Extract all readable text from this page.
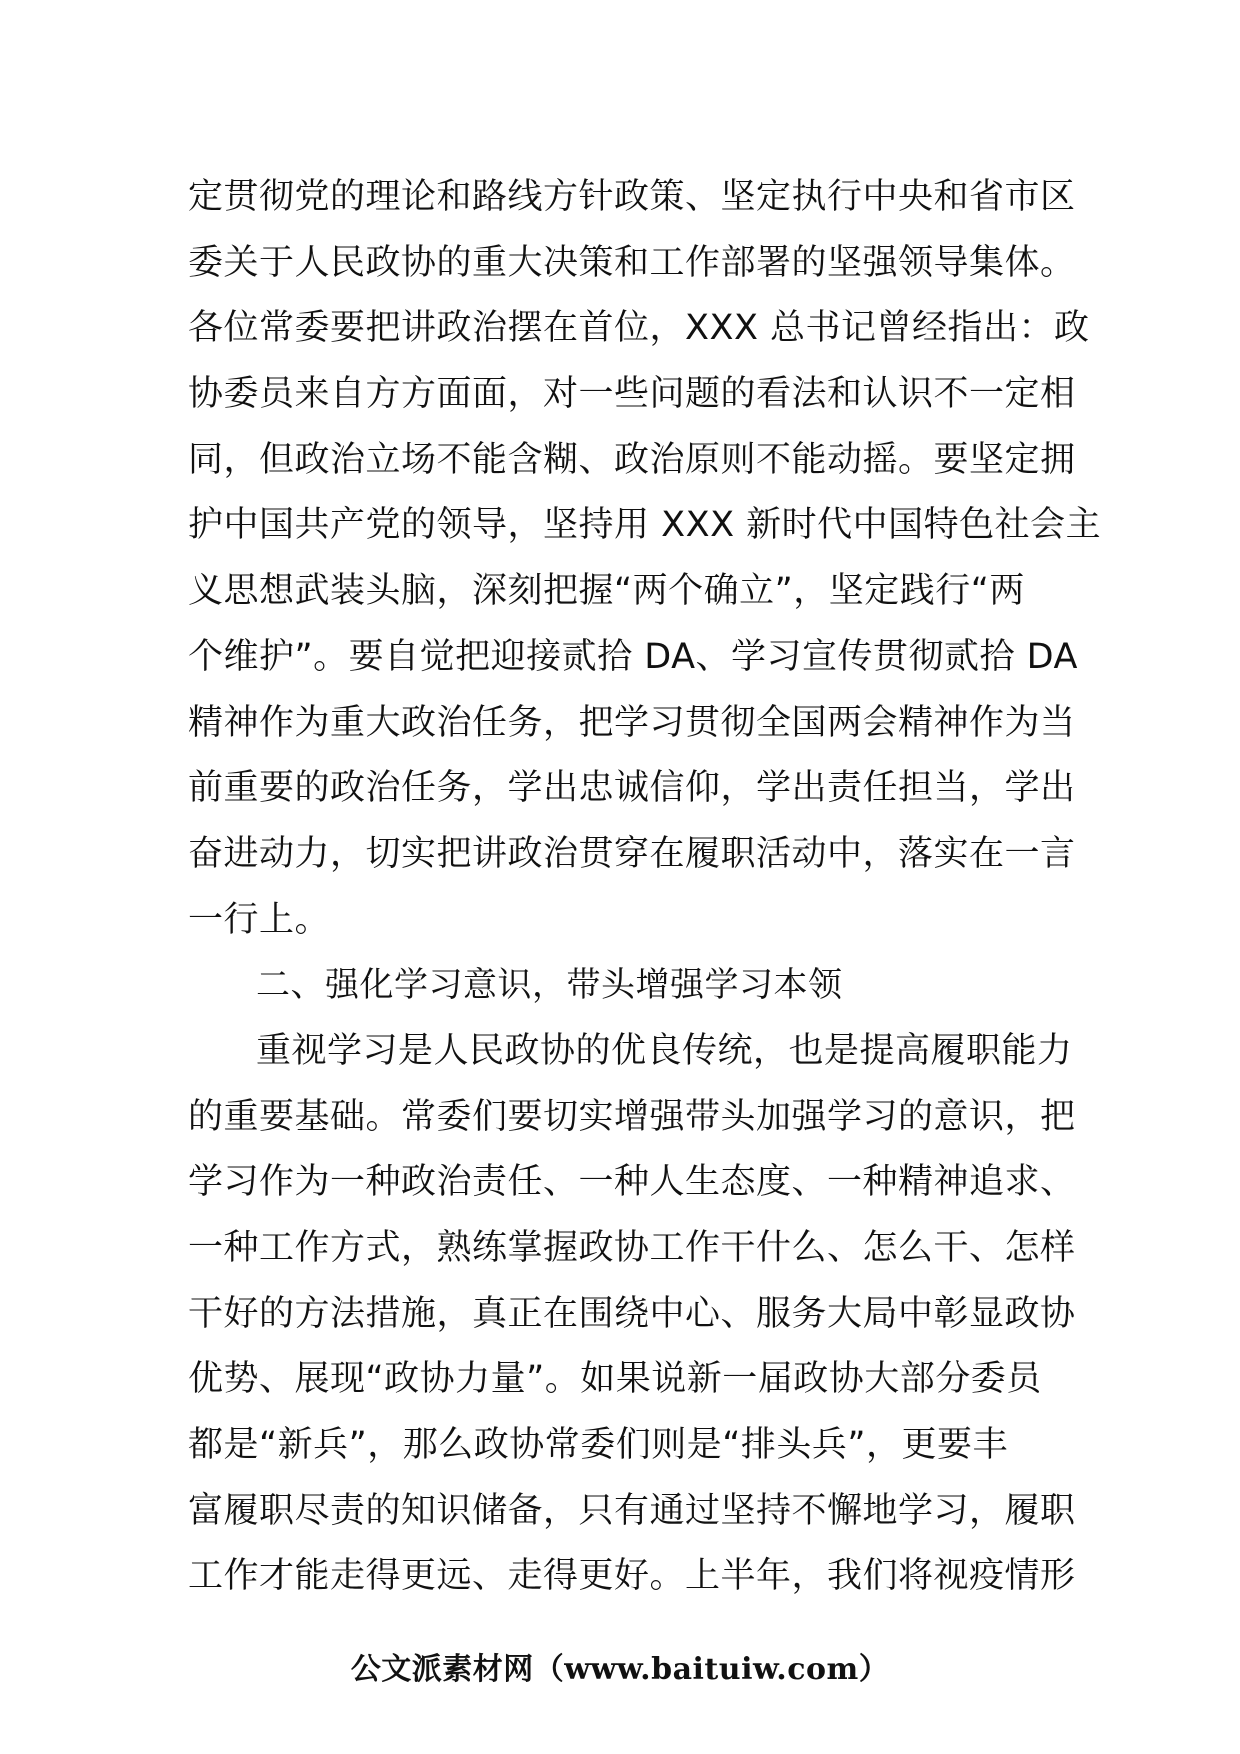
定贯彻党的理论和路线方针政策、坚定执行中央和省市区
委关于人民政协的重大决策和工作部署的坚强领导集体。
各位常委要把讲政治摆在首位，XXX 总书记曾经指出：政
协委员来自方方面面，对一些问题的看法和认识不一定相
同，但政治立场不能含糊、政治原则不能动摇。要坚定拥
护中国共产党的领导，坚持用 XXX 新时代中国特色社会主
义思想武装头脑，深刻把握“两个确立”，坚定践行“两
个维护”。要自觉把迎接贰拾 DA、学习宣传贯彻贰拾 DA
精神作为重大政治任务，把学习贯彻全国两会精神作为当
前重要的政治任务，学出忠诚信仰，学出责任担当，学出
奋进动力，切实把讲政治贯穿在履职活动中，落实在一言
一行上。
二、强化学习意识，带头增强学习本领
重视学习是人民政协的优良传统，也是提高履职能力
的重要基础。常委们要切实增强带头加强学习的意识，把
学习作为一种政治责任、一种人生态度、一种精神追求、
一种工作方式，熟练掌握政协工作干什么、怎么干、怎样
干好的方法措施，真正在围绕中心、服务大局中彰显政协
优势、展现“政协力量”。如果说新一届政协大部分委员
都是“新兵”，那么政协常委们则是“排头兵”，更要丰
富履职尽责的知识储备，只有通过坚持不懈地学习，履职
工作才能走得更远、走得更好。上半年，我们将视疫情形
公文派素材网（www.baituiw.com）
